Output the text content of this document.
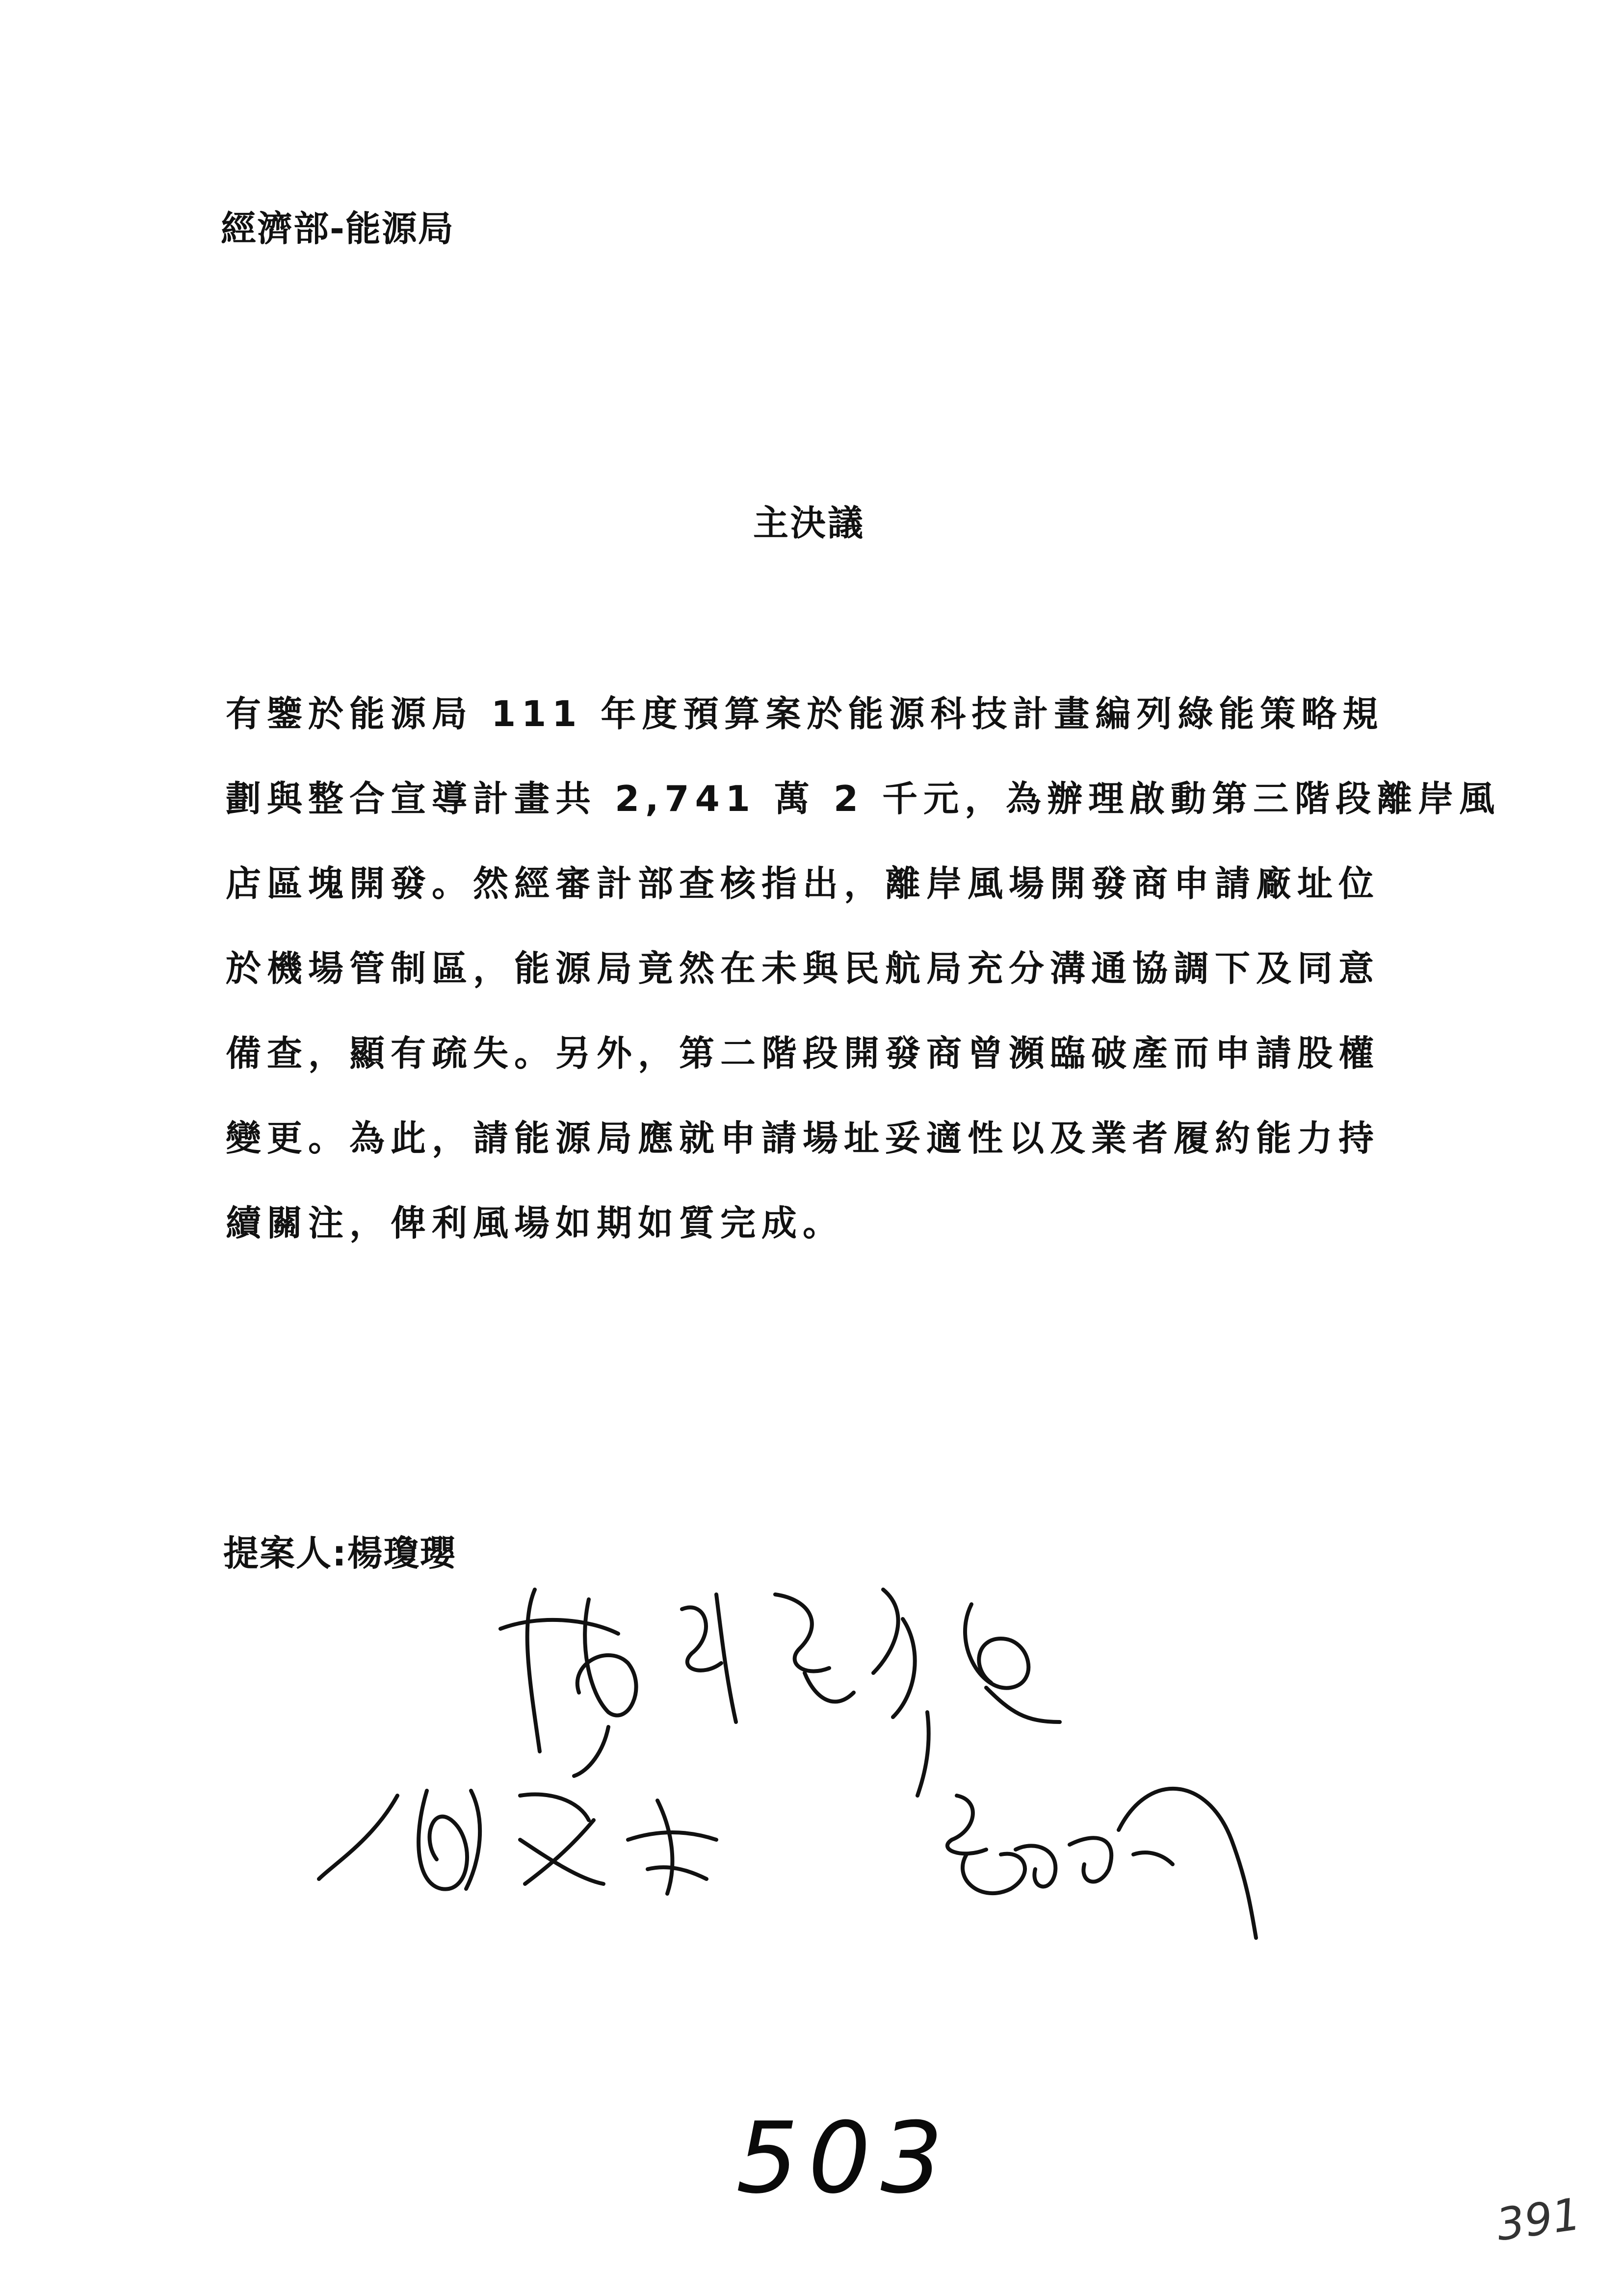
經濟部-能源局
主決議
有鑒於能源局 111 年度預算案於能源科技計畫編列綠能策略規
劃與整合宣導計畫共 2,741 萬 2 千元，為辦理啟動第三階段離岸風
店區塊開發。然經審計部查核指出，離岸風場開發商申請廠址位
於機場管制區，能源局竟然在未與民航局充分溝通協調下及同意
備查，顯有疏失。另外，第二階段開發商曾瀕臨破產而申請股權
變更。為此，請能源局應就申請場址妥適性以及業者履約能力持
續關注，俾利風場如期如質完成。
提案人:楊瓊瓔
503
391
